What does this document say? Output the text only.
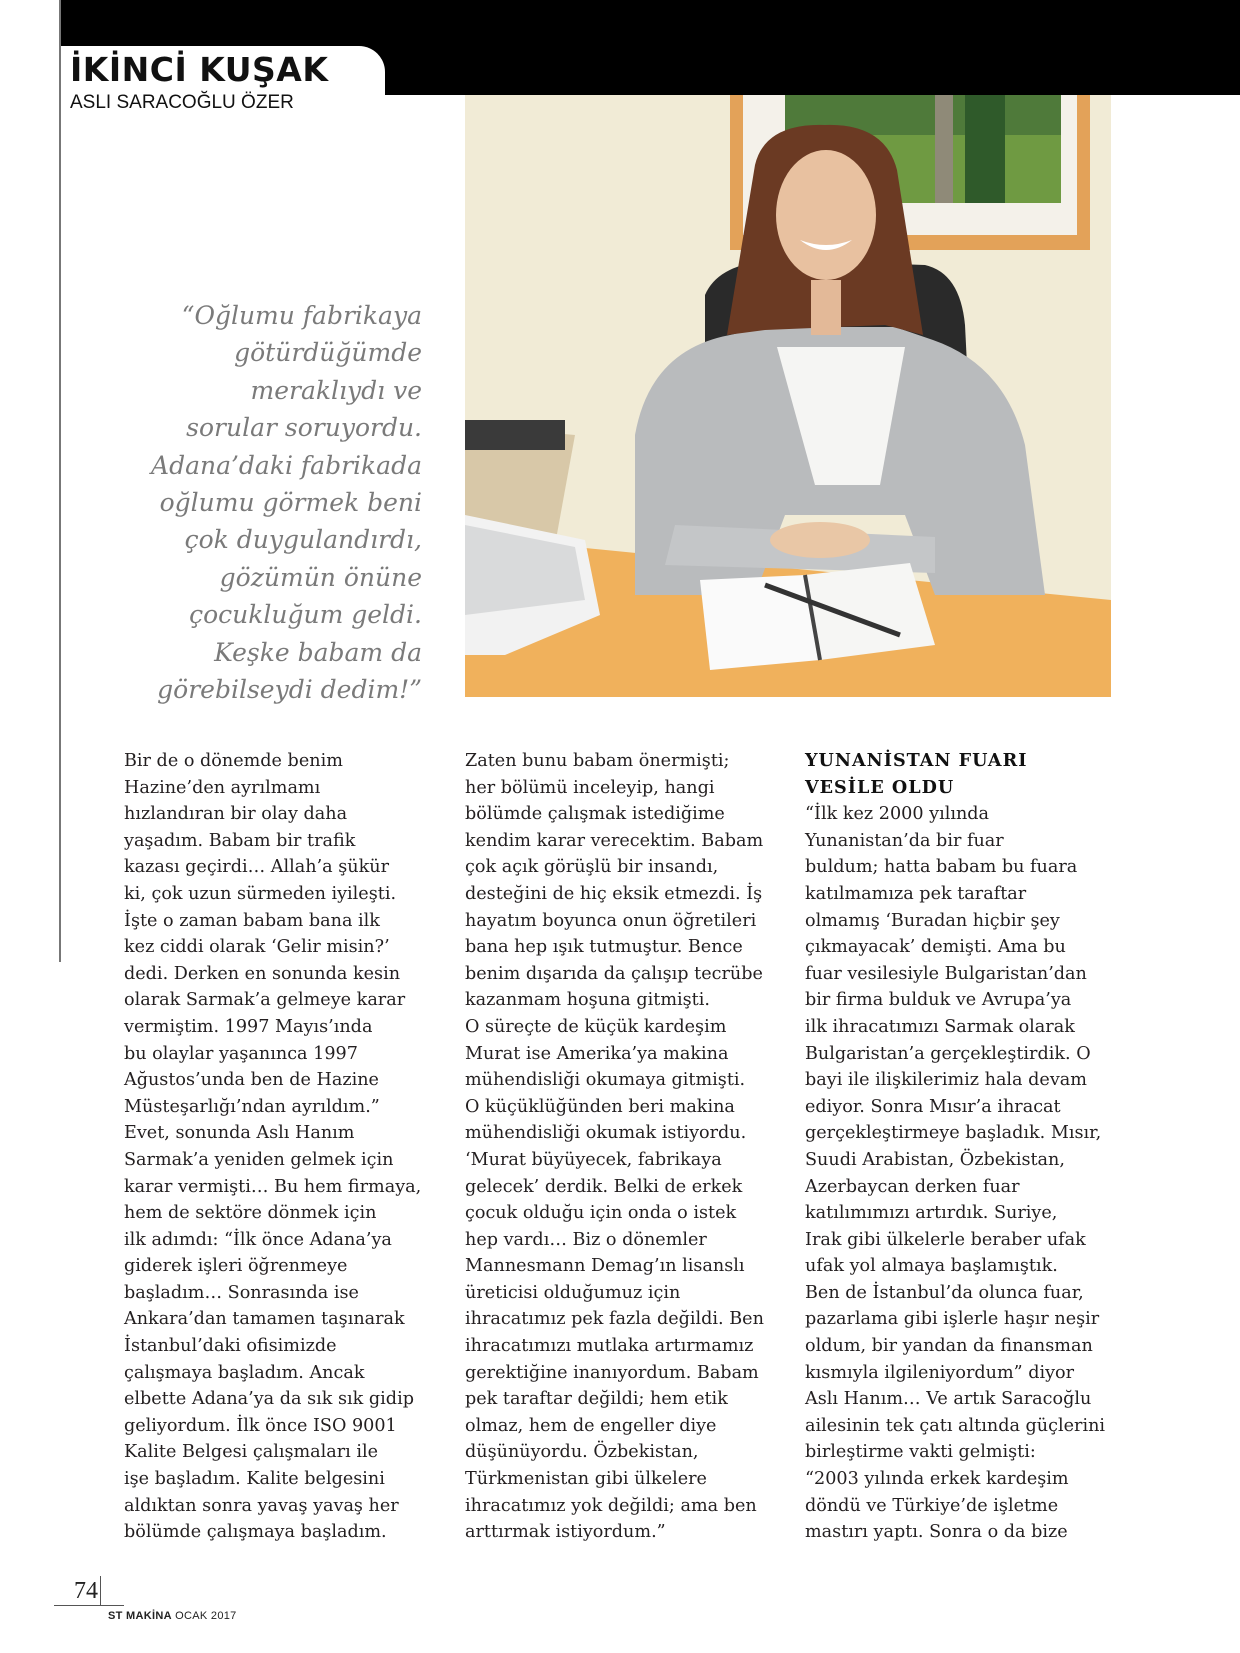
İKİNCİ KUŞAK
ASLI SARACOĞLU ÖZER
“Oğlumu fabrikaya
götürdüğümde
meraklıydı ve
sorular soruyordu.
Adana’daki fabrikada
oğlumu görmek beni
çok duygulandırdı,
gözümün önüne
çocukluğum geldi.
Keşke babam da
görebilseydi dedim!”
Bir de o dönemde benim
Hazine’den ayrılmamı
hızlandıran bir olay daha
yaşadım. Babam bir trafik
kazası geçirdi… Allah’a şükür
ki, çok uzun sürmeden iyileşti.
İşte o zaman babam bana ilk
kez ciddi olarak ‘Gelir misin?’
dedi. Derken en sonunda kesin
olarak Sarmak’a gelmeye karar
vermiştim. 1997 Mayıs’ında
bu olaylar yaşanınca 1997
Ağustos’unda ben de Hazine
Müsteşarlığı’ndan ayrıldım.”
Evet, sonunda Aslı Hanım
Sarmak’a yeniden gelmek için
karar vermişti… Bu hem firmaya,
hem de sektöre dönmek için
ilk adımdı: “İlk önce Adana’ya
giderek işleri öğrenmeye
başladım… Sonrasında ise
Ankara’dan tamamen taşınarak
İstanbul’daki ofisimizde
çalışmaya başladım. Ancak
elbette Adana’ya da sık sık gidip
geliyordum. İlk önce ISO 9001
Kalite Belgesi çalışmaları ile
işe başladım. Kalite belgesini
aldıktan sonra yavaş yavaş her
bölümde çalışmaya başladım.
Zaten bunu babam önermişti;
her bölümü inceleyip, hangi
bölümde çalışmak istediğime
kendim karar verecektim. Babam
çok açık görüşlü bir insandı,
desteğini de hiç eksik etmezdi. İş
hayatım boyunca onun öğretileri
bana hep ışık tutmuştur. Bence
benim dışarıda da çalışıp tecrübe
kazanmam hoşuna gitmişti.
O süreçte de küçük kardeşim
Murat ise Amerika’ya makina
mühendisliği okumaya gitmişti.
O küçüklüğünden beri makina
mühendisliği okumak istiyordu.
‘Murat büyüyecek, fabrikaya
gelecek’ derdik. Belki de erkek
çocuk olduğu için onda o istek
hep vardı… Biz o dönemler
Mannesmann Demag’ın lisanslı
üreticisi olduğumuz için
ihracatımız pek fazla değildi. Ben
ihracatımızı mutlaka artırmamız
gerektiğine inanıyordum. Babam
pek taraftar değildi; hem etik
olmaz, hem de engeller diye
düşünüyordu. Özbekistan,
Türkmenistan gibi ülkelere
ihracatımız yok değildi; ama ben
arttırmak istiyordum.”
YUNANİSTAN FUARI
VESİLE OLDU
“İlk kez 2000 yılında
Yunanistan’da bir fuar
buldum; hatta babam bu fuara
katılmamıza pek taraftar
olmamış ‘Buradan hiçbir şey
çıkmayacak’ demişti. Ama bu
fuar vesilesiyle Bulgaristan’dan
bir firma bulduk ve Avrupa’ya
ilk ihracatımızı Sarmak olarak
Bulgaristan’a gerçekleştirdik. O
bayi ile ilişkilerimiz hala devam
ediyor. Sonra Mısır’a ihracat
gerçekleştirmeye başladık. Mısır,
Suudi Arabistan, Özbekistan,
Azerbaycan derken fuar
katılımımızı artırdık. Suriye,
Irak gibi ülkelerle beraber ufak
ufak yol almaya başlamıştık.
Ben de İstanbul’da olunca fuar,
pazarlama gibi işlerle haşır neşir
oldum, bir yandan da finansman
kısmıyla ilgileniyordum” diyor
Aslı Hanım… Ve artık Saracoğlu
ailesinin tek çatı altında güçlerini
birleştirme vakti gelmişti:
“2003 yılında erkek kardeşim
döndü ve Türkiye’de işletme
mastırı yaptı. Sonra o da bize
74
ST MAKİNA OCAK 2017
